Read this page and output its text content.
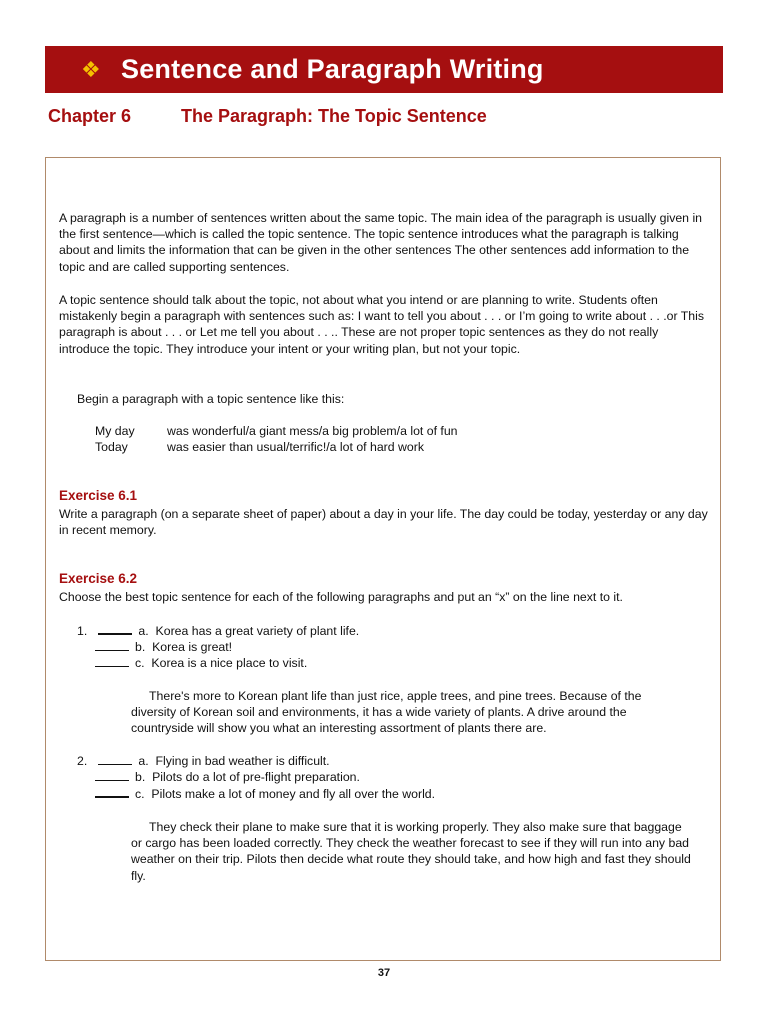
❖ Sentence and Paragraph Writing
Chapter 6	The Paragraph: The Topic Sentence
A paragraph is a number of sentences written about the same topic. The main idea of the paragraph is usually given in the first sentence—which is called the topic sentence. The topic sentence introduces what the paragraph is talking about and limits the information that can be given in the other sentences The other sentences add information to the topic and are called supporting sentences.
A topic sentence should talk about the topic, not about what you intend or are planning to write. Students often mistakenly begin a paragraph with sentences such as: I want to tell you about . . . or I’m going to write about . . .or This paragraph is about . . . or Let me tell you about . . .. These are not proper topic sentences as they do not really introduce the topic. They introduce your intent or your writing plan, but not your topic.
Begin a paragraph with a topic sentence like this:
My day	was wonderful/a giant mess/a big problem/a lot of fun
Today	was easier than usual/terrific!/a lot of hard work
Exercise 6.1
Write a paragraph (on a separate sheet of paper) about a day in your life. The day could be today, yesterday or any day in recent memory.
Exercise 6.2
Choose the best topic sentence for each of the following paragraphs and put an “x” on the line next to it.
1.	a. Korea has a great variety of plant life.
b. Korea is great!
c. Korea is a nice place to visit.
There's more to Korean plant life than just rice, apple trees, and pine trees. Because of the diversity of Korean soil and environments, it has a wide variety of plants. A drive around the countryside will show you what an interesting assortment of plants there are.
2.	a. Flying in bad weather is difficult.
b. Pilots do a lot of pre-flight preparation.
c. Pilots make a lot of money and fly all over the world.
They check their plane to make sure that it is working properly. They also make sure that baggage or cargo has been loaded correctly. They check the weather forecast to see if they will run into any bad weather on their trip. Pilots then decide what route they should take, and how high and fast they should fly.
37
